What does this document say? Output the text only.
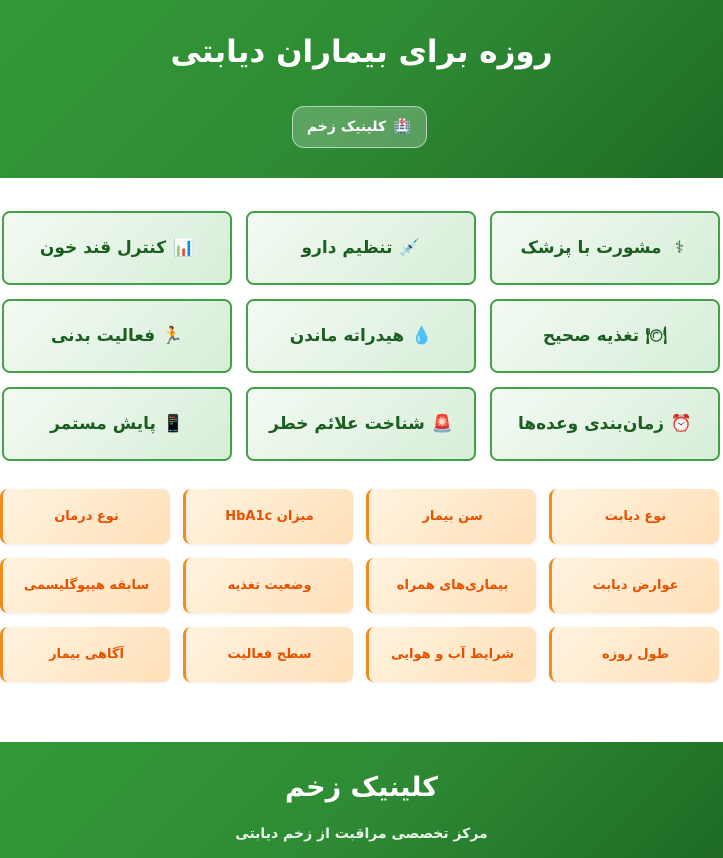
روزه برای بیماران دیابتی
🏥
کلینیک زخم
⚕
مشورت با پزشک
💉
تنظیم دارو
📊
کنترل قند خون
🍽
تغذیه صحیح
💧
هیدراته ماندن
🏃
فعالیت بدنی
⏰
زمان‌بندی وعده‌ها
🚨
شناخت علائم خطر
📱
پایش مستمر
نوع دیابت
سن بیمار
میزان HbA1c
نوع درمان
عوارض دیابت
بیماری‌های همراه
وضعیت تغذیه
سابقه هیپوگلیسمی
طول روزه
شرایط آب و هوایی
سطح فعالیت
آگاهی بیمار
کلینیک زخم
مرکز تخصصی مراقبت از زخم دیابتی
